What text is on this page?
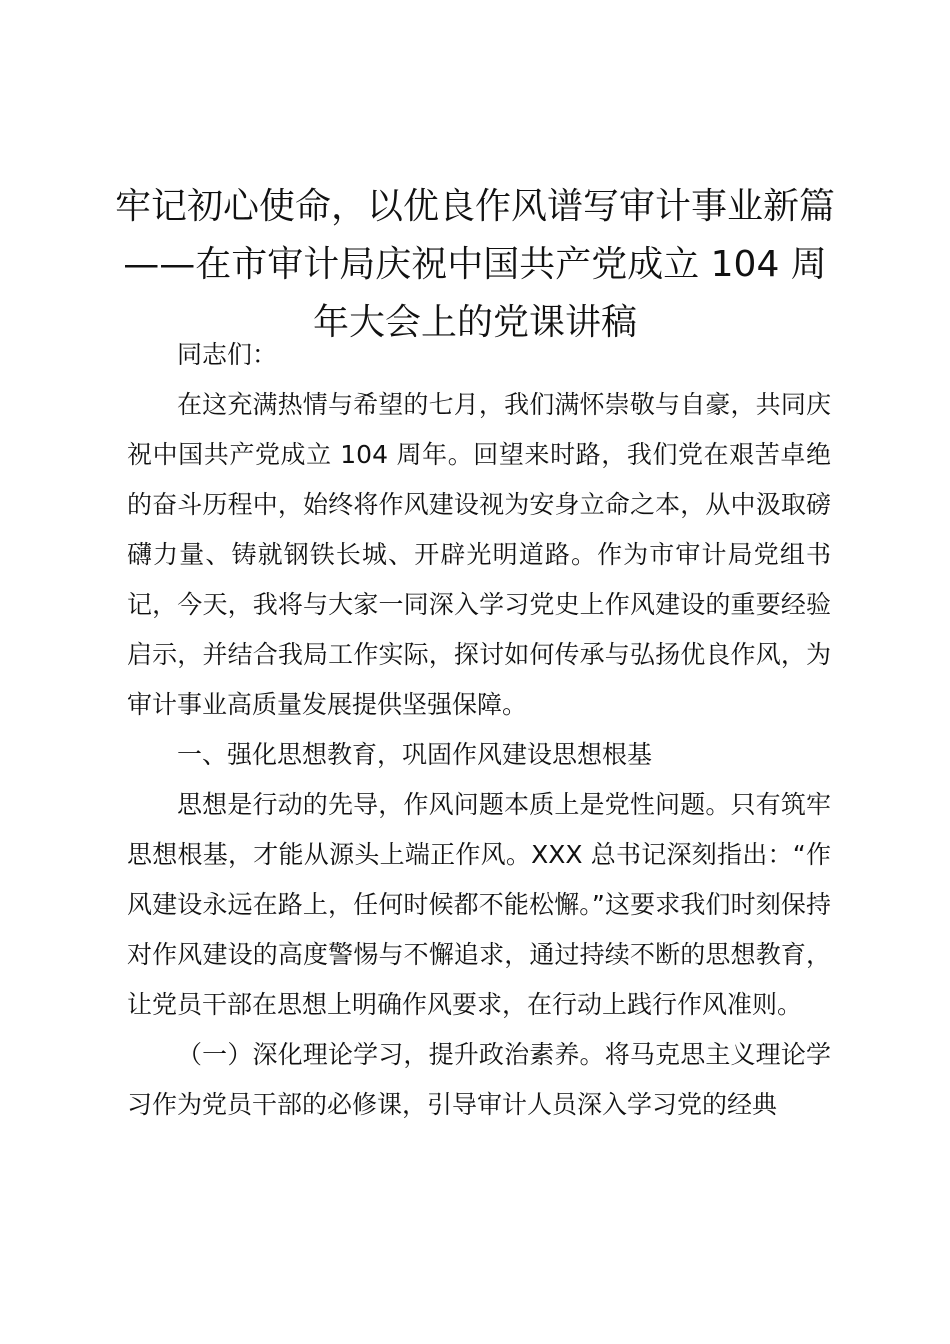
牢记初心使命，以优良作风谱写审计事业新篇
——在市审计局庆祝中国共产党成立 104 周
年大会上的党课讲稿

同志们：

在这充满热情与希望的七月，我们满怀崇敬与自豪，共同庆祝中国共产党成立 104 周年。回望来时路，我们党在艰苦卓绝的奋斗历程中，始终将作风建设视为安身立命之本，从中汲取磅礴力量、铸就钢铁长城、开辟光明道路。作为市审计局党组书记，今天，我将与大家一同深入学习党史上作风建设的重要经验启示，并结合我局工作实际，探讨如何传承与弘扬优良作风，为审计事业高质量发展提供坚强保障。

一、强化思想教育，巩固作风建设思想根基

思想是行动的先导，作风问题本质上是党性问题。只有筑牢思想根基，才能从源头上端正作风。XXX 总书记深刻指出：“作风建设永远在路上，任何时候都不能松懈。”这要求我们时刻保持对作风建设的高度警惕与不懈追求，通过持续不断的思想教育，让党员干部在思想上明确作风要求，在行动上践行作风准则。

（一）深化理论学习，提升政治素养。将马克思主义理论学习作为党员干部的必修课，引导审计人员深入学习党的经典
